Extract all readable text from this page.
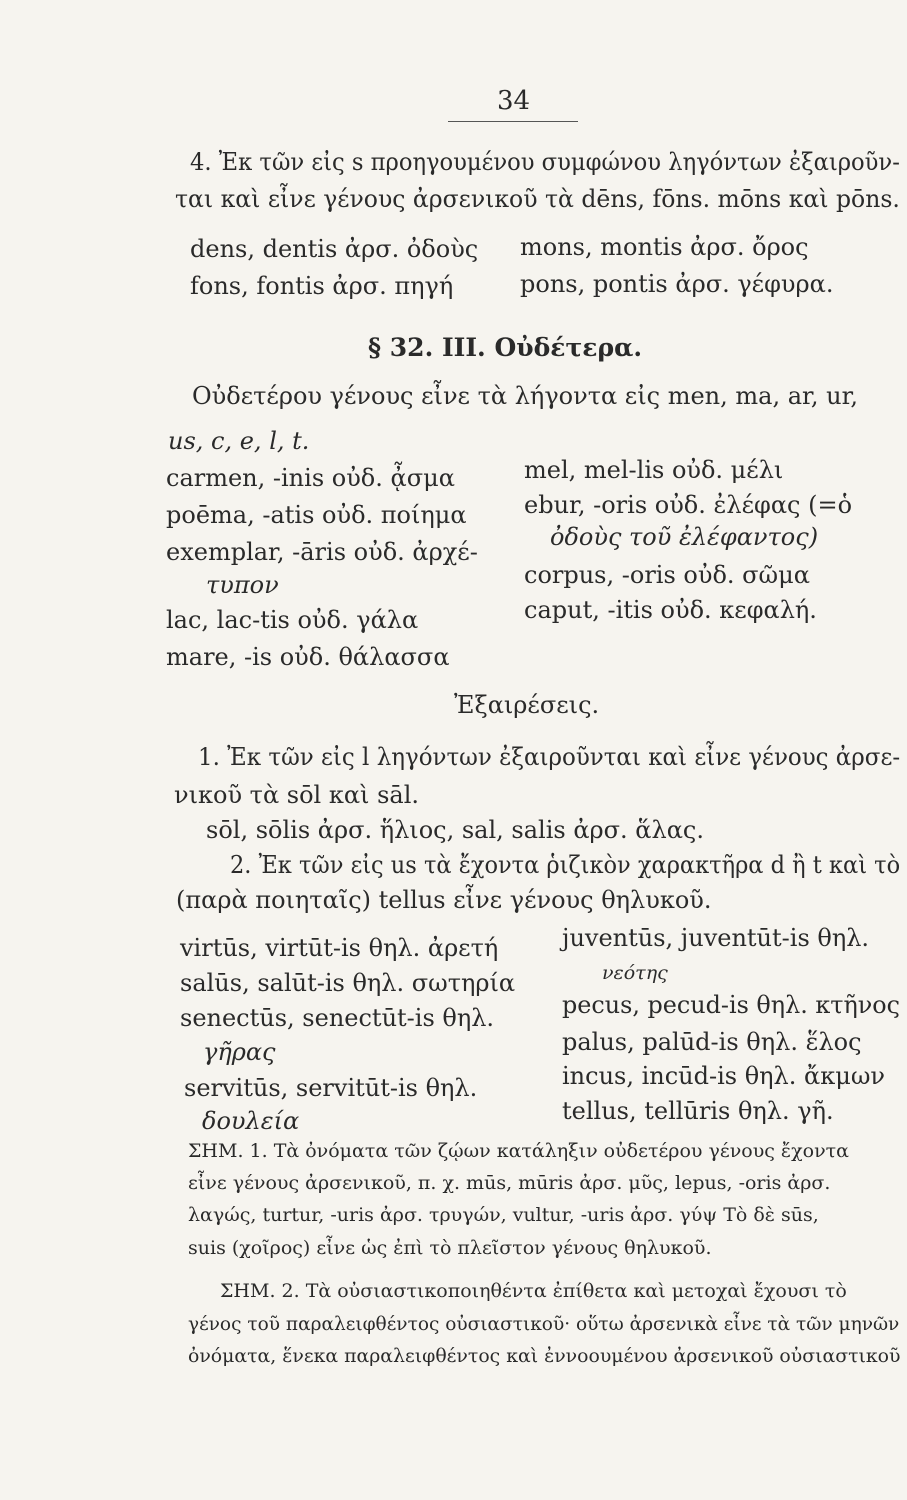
34
4. Ἐκ τῶν εἰς s προηγουμένου συμφώνου ληγόντων ἐξαιροῦν-
ται καὶ εἶνε γένους ἀρσενικοῦ τὰ dēns, fōns. mōns καὶ pōns.
dens, dentis ἀρσ. ὀδοὺς
fons, fontis ἀρσ. πηγή
mons, montis ἀρσ. ὄρος
pons, pontis ἀρσ. γέφυρα.
§ 32. III. Οὐδέτερα.
Οὐδετέρου γένους εἶνε τὰ λήγοντα εἰς men, ma, ar, ur,
us, c, e, l, t.
carmen, -inis οὐδ. ᾆσμα
poēma, -atis οὐδ. ποίημα
exemplar, -āris οὐδ. ἀρχέ-
τυπον
lac, lac-tis οὐδ. γάλα
mare, -is οὐδ. θάλασσα
mel, mel-lis οὐδ. μέλι
ebur, -oris οὐδ. ἐλέφας (=ὁ
ὀδοὺς τοῦ ἐλέφαντος)
corpus, -oris οὐδ. σῶμα
caput, -itis οὐδ. κεφαλή.
Ἐξαιρέσεις.
1. Ἐκ τῶν εἰς l ληγόντων ἐξαιροῦνται καὶ εἶνε γένους ἀρσε-
νικοῦ τὰ sōl καὶ sāl.
sōl, sōlis ἀρσ. ἥλιος, sal, salis ἀρσ. ἅλας.
2. Ἐκ τῶν εἰς us τὰ ἔχοντα ῥιζικὸν χαρακτῆρα d ἢ t καὶ τὸ
(παρὰ ποιηταῖς) tellus εἶνε γένους θηλυκοῦ.
virtūs, virtūt-is θηλ. ἀρετή
salūs, salūt-is θηλ. σωτηρία
senectūs, senectūt-is θηλ.
γῆρας
servitūs, servitūt-is θηλ.
δουλεία
juventūs, juventūt-is θηλ.
νεότης
pecus, pecud-is θηλ. κτῆνος
palus, palūd-is θηλ. ἕλος
incus, incūd-is θηλ. ἄκμων
tellus, tellūris θηλ. γῆ.
ΣΗΜ. 1. Τὰ ὀνόματα τῶν ζῴων κατάληξιν οὐδετέρου γένους ἔχοντα
εἶνε γένους ἀρσενικοῦ, π. χ. mūs, mūris ἀρσ. μῦς, lepus, -oris ἀρσ.
λαγώς, turtur, -uris ἀρσ. τρυγών, vultur, -uris ἀρσ. γύψ Τὸ δὲ sūs,
suis (χοῖρος) εἶνε ὡς ἐπὶ τὸ πλεῖστον γένους θηλυκοῦ.
ΣΗΜ. 2. Τὰ οὐσιαστικοποιηθέντα ἐπίθετα καὶ μετοχαὶ ἔχουσι τὸ
γένος τοῦ παραλειφθέντος οὐσιαστικοῦ· οὕτω ἀρσενικὰ εἶνε τὰ τῶν μηνῶν
ὀνόματα, ἕνεκα παραλειφθέντος καὶ ἐννοουμένου ἀρσενικοῦ οὐσιαστικοῦ
